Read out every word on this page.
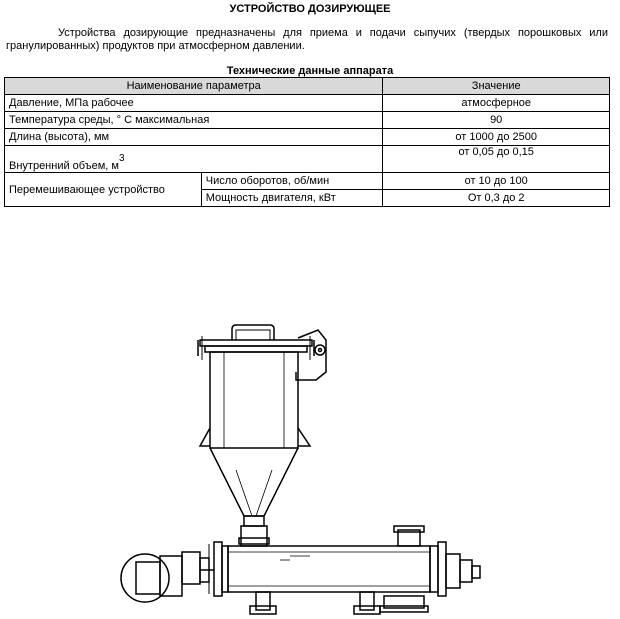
УСТРОЙСТВО ДОЗИРУЮЩЕЕ
Устройства дозирующие предназначены для приема и подачи сыпучих (твердых порошковых или гранулированных) продуктов при атмосферном давлении.
Технические данные аппарата
Наименование параметра		Значение
Давление, МПа рабочее		атмосферное
Температура среды, ° С максимальная		90
Длина (высота), мм		от 1000 до 2500
Внутренний объем, м3		от 0,05 до 0,15
Перемешивающее устройство	Число оборотов, об/мин	от 10 до 100
	Мощность двигателя, кВт	От 0,3 до 2
